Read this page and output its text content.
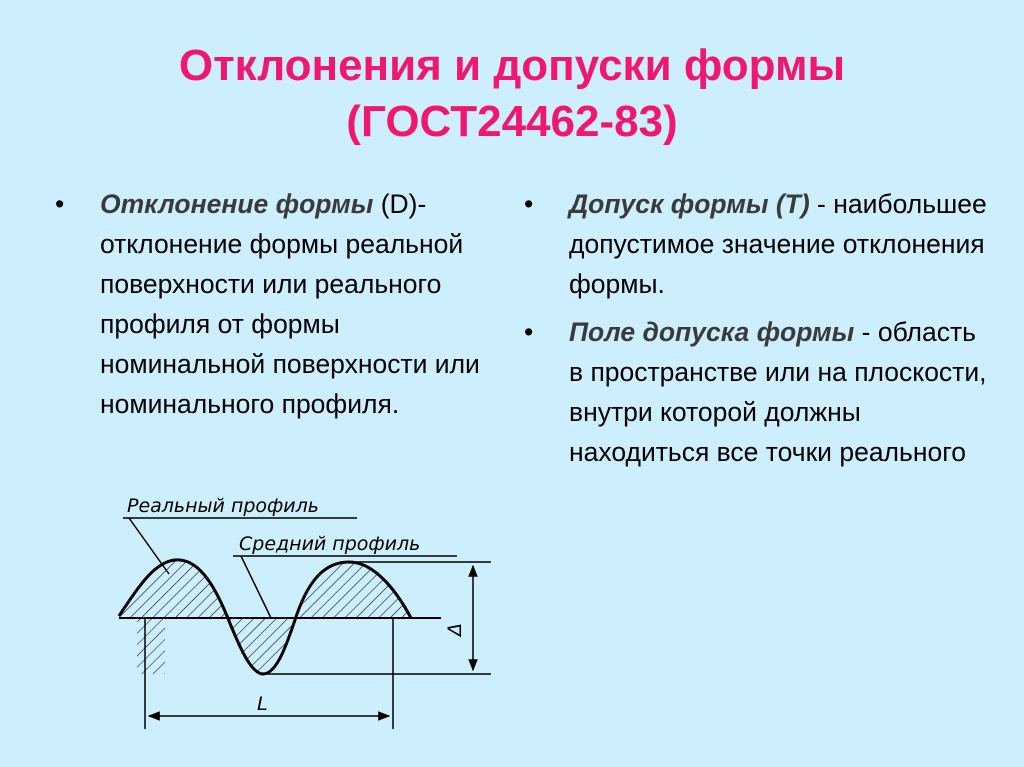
Отклонения и допуски формы
(ГОСТ24462-83)
•	Отклонение формы (D)- отклонение формы реальной поверхности или реального профиля от формы номинальной поверхности или номинального профиля.
•	Допуск формы (Т) - наибольшее допустимое значение отклонения формы.
•	Поле допуска формы - область в пространстве или на плоскости, внутри которой должны находиться все точки реального
Δ
L
Реальный профиль
Средний профиль
